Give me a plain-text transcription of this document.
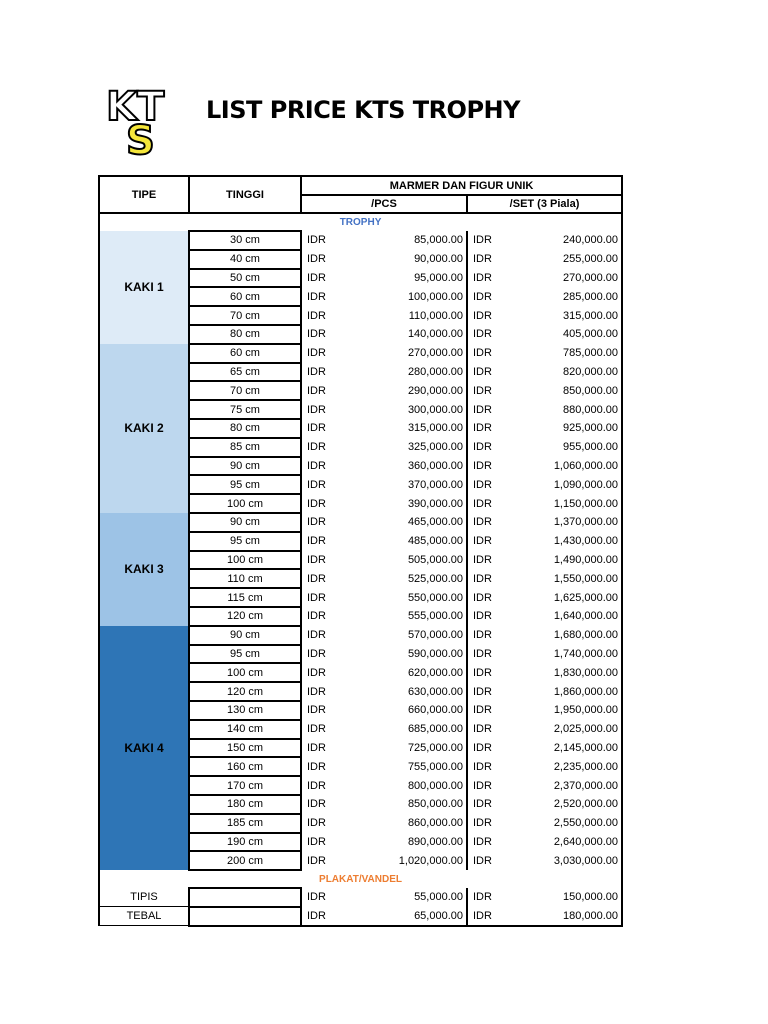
KT
S
LIST PRICE KTS TROPHY
TIPE	TINGGI	MARMER DAN FIGUR UNIK			
		/PCS		/SET (3 Piala)	
TROPHY					
KAKI 1	30 cm	IDR	85,000.00	IDR	240,000.00
	40 cm	IDR	90,000.00	IDR	255,000.00
	50 cm	IDR	95,000.00	IDR	270,000.00
	60 cm	IDR	100,000.00	IDR	285,000.00
	70 cm	IDR	110,000.00	IDR	315,000.00
	80 cm	IDR	140,000.00	IDR	405,000.00
KAKI 2	60 cm	IDR	270,000.00	IDR	785,000.00
	65 cm	IDR	280,000.00	IDR	820,000.00
	70 cm	IDR	290,000.00	IDR	850,000.00
	75 cm	IDR	300,000.00	IDR	880,000.00
	80 cm	IDR	315,000.00	IDR	925,000.00
	85 cm	IDR	325,000.00	IDR	955,000.00
	90 cm	IDR	360,000.00	IDR	1,060,000.00
	95 cm	IDR	370,000.00	IDR	1,090,000.00
	100 cm	IDR	390,000.00	IDR	1,150,000.00
KAKI 3	90 cm	IDR	465,000.00	IDR	1,370,000.00
	95 cm	IDR	485,000.00	IDR	1,430,000.00
	100 cm	IDR	505,000.00	IDR	1,490,000.00
	110 cm	IDR	525,000.00	IDR	1,550,000.00
	115 cm	IDR	550,000.00	IDR	1,625,000.00
	120 cm	IDR	555,000.00	IDR	1,640,000.00
KAKI 4	90 cm	IDR	570,000.00	IDR	1,680,000.00
	95 cm	IDR	590,000.00	IDR	1,740,000.00
	100 cm	IDR	620,000.00	IDR	1,830,000.00
	120 cm	IDR	630,000.00	IDR	1,860,000.00
	130 cm	IDR	660,000.00	IDR	1,950,000.00
	140 cm	IDR	685,000.00	IDR	2,025,000.00
	150 cm	IDR	725,000.00	IDR	2,145,000.00
	160 cm	IDR	755,000.00	IDR	2,235,000.00
	170 cm	IDR	800,000.00	IDR	2,370,000.00
	180 cm	IDR	850,000.00	IDR	2,520,000.00
	185 cm	IDR	860,000.00	IDR	2,550,000.00
	190 cm	IDR	890,000.00	IDR	2,640,000.00
	200 cm	IDR	1,020,000.00	IDR	3,030,000.00
PLAKAT/VANDEL					
TIPIS		IDR	55,000.00	IDR	150,000.00
TEBAL		IDR	65,000.00	IDR	180,000.00
